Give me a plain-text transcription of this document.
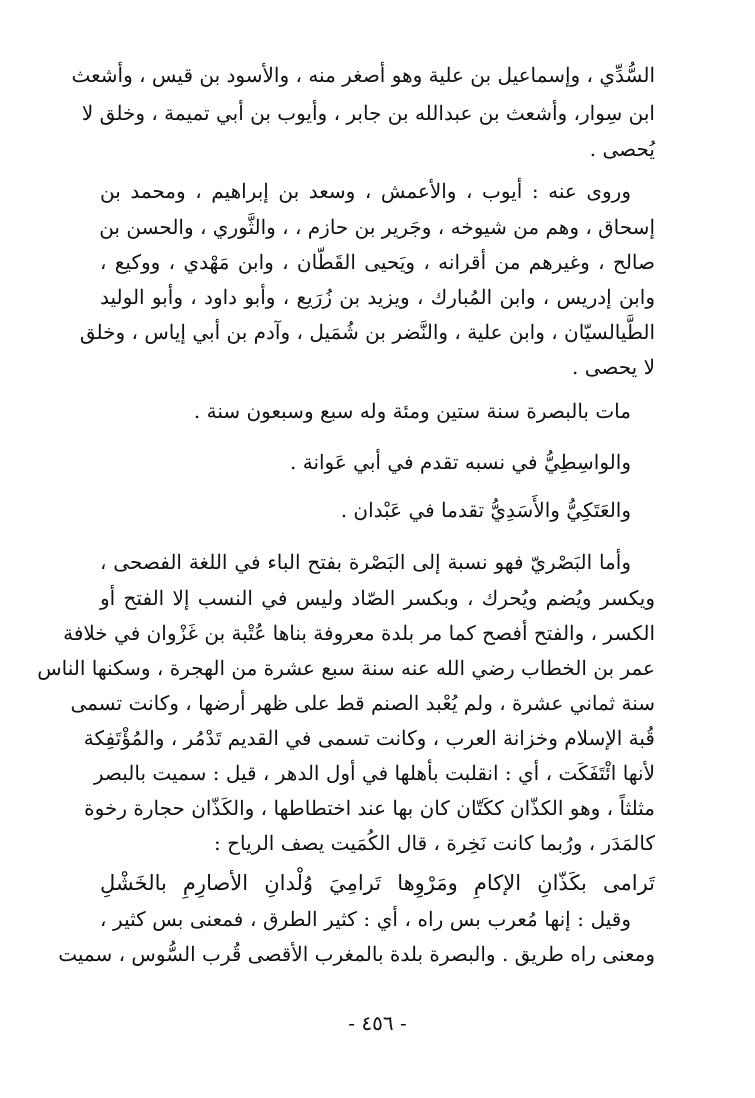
السُّدِّي ، وإسماعيل بن علية وهو أصغر منه ، والأسود بن قيس ، وأشعث
ابن سِوار، وأشعث بن عبدالله بن جابر ، وأيوب بن أبي تميمة ، وخلق لا
يُحصى .
وروى عنه : أيوب ، والأعمش ، وسعد بن إبراهيم ، ومحمد بن
إسحاق ، وهم من شيوخه ، وجَرير بن حازم ، ، والثَّوري ، والحسن بن
صالح ، وغيرهم من أقرانه ، ويَحيى القَطّان ، وابن مَهْدي ، ووكيع ،
وابن إدريس ، وابن المُبارك ، ويزيد بن زُرَيع ، وأبو داود ، وأبو الوليد
الطَّيالسيّان ، وابن علية ، والنَّضر بن شُمَيل ، وآدم بن أبي إياس ، وخلق
لا يحصى .
مات بالبصرة سنة ستين ومئة وله سبع وسبعون سنة .
والواسِطِيُّ في نسبه تقدم في أبي عَوانة .
والعَتَكِيُّ والأَسَدِيُّ تقدما في عَبْدان .
وأما البَصْريّ فهو نسبة إلى البَصْرة بفتح الباء في اللغة الفصحى ،
ويكسر ويُضم ويُحرك ، وبكسر الصّاد وليس في النسب إلا الفتح أو
الكسر ، والفتح أفصح كما مر بلدة معروفة بناها عُتْبة بن غَزْوان في خلافة
عمر بن الخطاب رضي الله عنه سنة سبع عشرة من الهجرة ، وسكنها الناس
سنة ثماني عشرة ، ولم يُعْبد الصنم قط على ظهر أرضها ، وكانت تسمى
قُبة الإسلام وخزانة العرب ، وكانت تسمى في القديم تَدْمُر ، والمُؤْتَفِكة
لأنها ائْتَفَكَت ، أي : انقلبت بأهلها في أول الدهر ، قيل : سميت بالبصر
مثلثاً ، وهو الكذّان ككَتّان كان بها عند اختطاطها ، والكَذّان حجارة رخوة
كالمَدَر ، ورُبما كانت نَخِرة ، قال الكُمَيت يصف الرياح :
تَرامى بكَذّانِ الإكامِ ومَرْوِها تَرامِيَ وُلْدانِ الأصارِمِ بالخَشْلِ
وقيل : إنها مُعرب بس راه ، أي : كثير الطرق ، فمعنى بس كثير ،
ومعنى راه طريق . والبصرة بلدة بالمغرب الأقصى قُرب السُّوس ، سميت
- ٤٥٦ -
